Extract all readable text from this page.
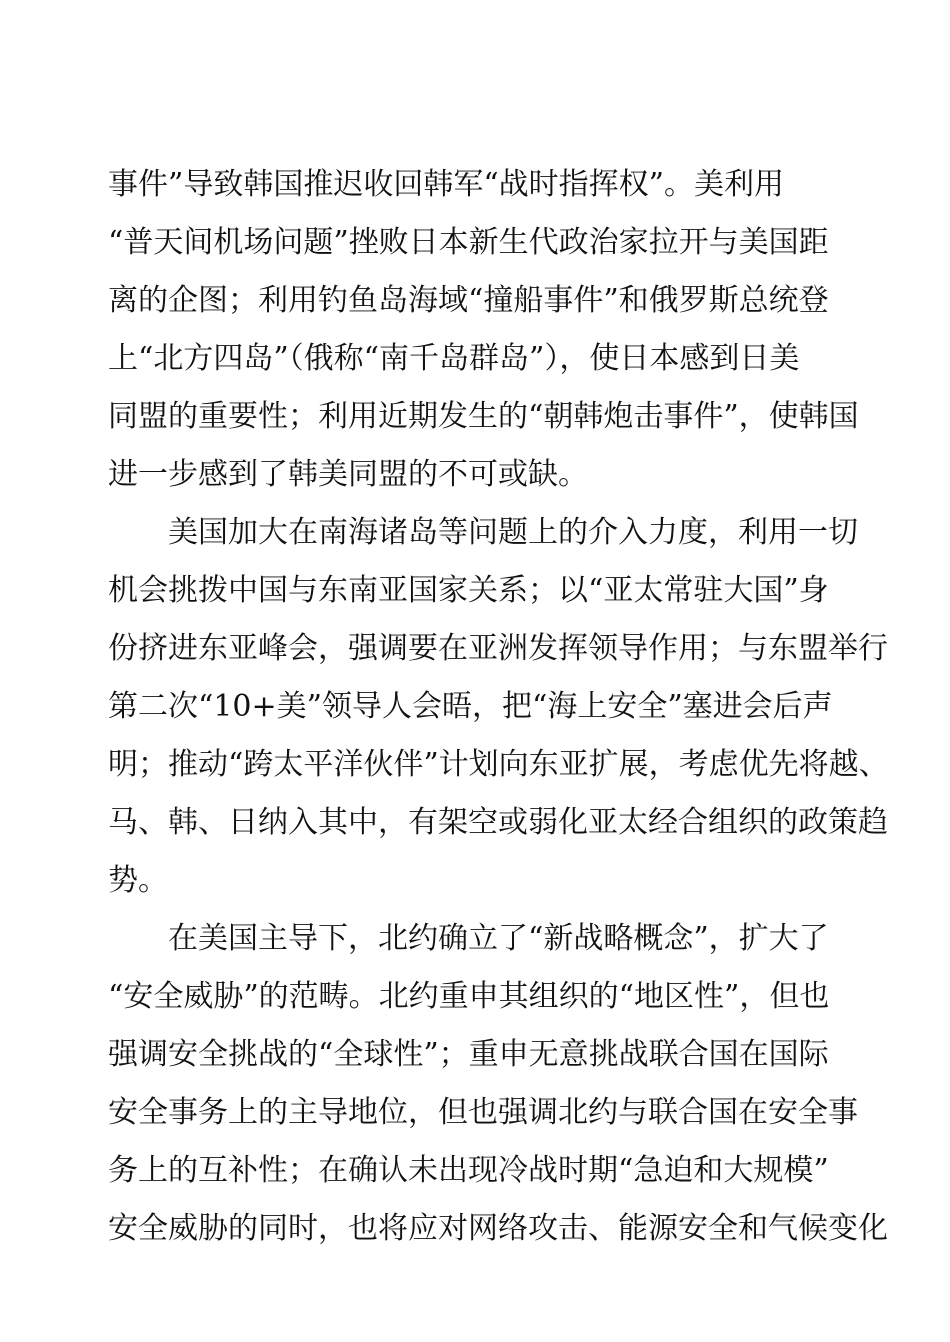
事件”导致韩国推迟收回韩军“战时指挥权”。美利用
“普天间机场问题”挫败日本新生代政治家拉开与美国距
离的企图；利用钓鱼岛海域“撞船事件”和俄罗斯总统登
上“北方四岛”（俄称“南千岛群岛”），使日本感到日美
同盟的重要性；利用近期发生的“朝韩炮击事件”，使韩国
进一步感到了韩美同盟的不可或缺。
美国加大在南海诸岛等问题上的介入力度，利用一切
机会挑拨中国与东南亚国家关系；以“亚太常驻大国”身
份挤进东亚峰会，强调要在亚洲发挥领导作用；与东盟举行
第二次“10+美”领导人会晤，把“海上安全”塞进会后声
明；推动“跨太平洋伙伴”计划向东亚扩展，考虑优先将越、
马、韩、日纳入其中，有架空或弱化亚太经合组织的政策趋
势。
在美国主导下，北约确立了“新战略概念”，扩大了
“安全威胁”的范畴。北约重申其组织的“地区性”，但也
强调安全挑战的“全球性”；重申无意挑战联合国在国际
安全事务上的主导地位，但也强调北约与联合国在安全事
务上的互补性；在确认未出现冷战时期“急迫和大规模”
安全威胁的同时，也将应对网络攻击、能源安全和气候变化
